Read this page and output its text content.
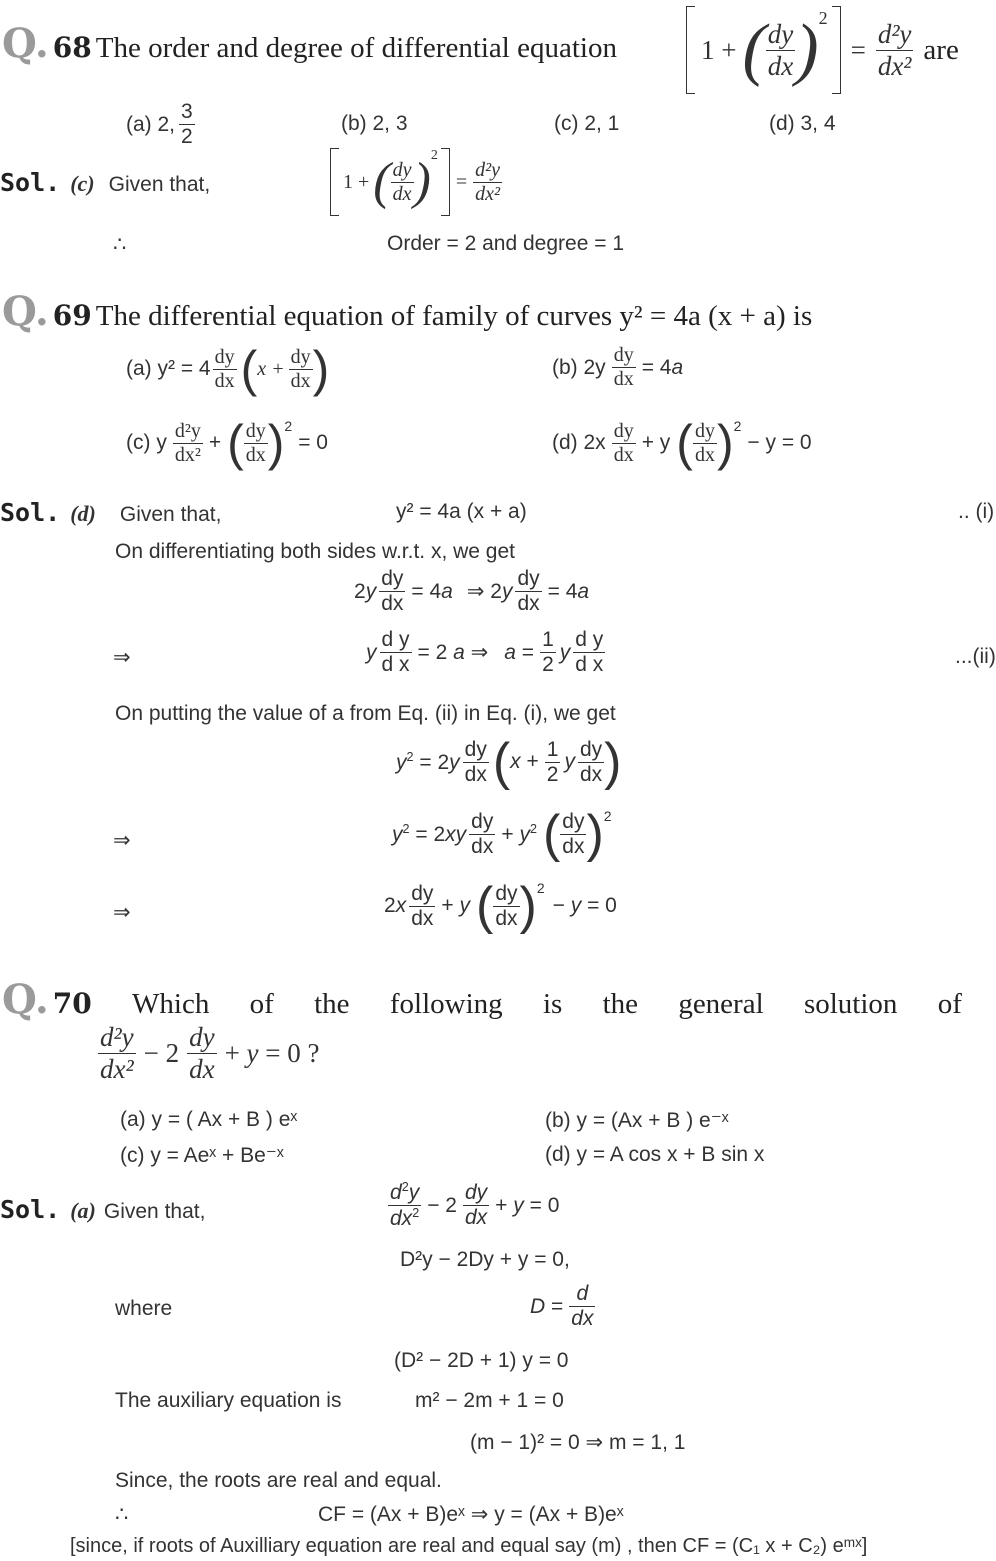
Q. 68 The order and degree of differential equation	1 + ( $\frac{dy}{dx}$ ) 2
= $\frac{\text{d²y}}{\text{dx²}}$ are
(a) 2, $\frac{3}{2}$	(b) 2, 3	(c) 2, 1	(d) 3, 4
Sol. (c) Given that,	1 + ( $\frac{dy}{dx}$ ) 2
= $\frac{\text{d²y}}{\text{dx²}}$
∴	Order = 2 and degree = 1
Q. 69 The differential equation of family of curves y² = 4a (x + a) is
(a) $y^2 = 4 \frac{dy}{dx}$ ( $x + \frac{dy}{dx}$ )	(b) $2y \frac{dy}{dx} = 4a$
(c) y $\frac{\text{d²y}}{\text{dx²}}$ + ( $\frac{dy}{dx}$ ) 2
= 0	(d) $2x \frac{dy}{dx} + y$ ( $\frac{dy}{dx}$ ) 2
− y = 0
Sol. (d) Given that,	y² = 4a (x + a)	.. (i)
On differentiating both sides w.r.t. x, we get
$2y \frac{dy}{dx} = 4a$ ⇒ $2y \frac{dy}{dx} = 4a$
⇒	y $\frac{\text{d y}}{\text{d x}} = 2$ a ⇒ $a = \frac{1}{2}$ y $\frac{\text{d y}}{\text{d x}}$	...(ii)
On putting the value of a from Eq. (ii) in Eq. (i), we get
$y^2 = 2y \frac{dy}{dx}$ ( $x + \frac{1}{2}$ y $\frac{dy}{dx}$ )
⇒	$y^2 = 2xy \frac{dy}{dx} + y^2$ ( $\frac{dy}{dx}$ ) 2
⇒	$2x \frac{dy}{dx} + y$ ( $\frac{dy}{dx}$ ) 2
− y = 0
Q. 70 Which of the following is the general solution of
$\frac{\text{d²y}}{\text{dx²}} - 2 \frac{dy}{dx} + y = 0$ ?
(a) y = ( Ax + B ) eˣ	(b) y = (Ax + B ) e⁻ˣ
(c) y = Aeˣ + Be⁻ˣ	(d) y = A cos x + B sin x
Sol. (a) Given that,	$\frac{d^2y}{dx^2} - 2 \frac{dy}{dx} + y = 0$
D²y − 2Dy + y = 0,
where	$D = \frac{d}{dx}$
(D² − 2D + 1) y = 0
The auxiliary equation is	m² − 2m + 1 = 0
(m − 1)² = 0 ⇒ m = 1, 1
Since, the roots are real and equal.
∴	CF = (Ax + B)eˣ ⇒ y = (Ax + B)eˣ
[since, if roots of Auxilliary equation are real and equal say (m) , then CF = (C₁ x + C₂) eᵐˣ]
